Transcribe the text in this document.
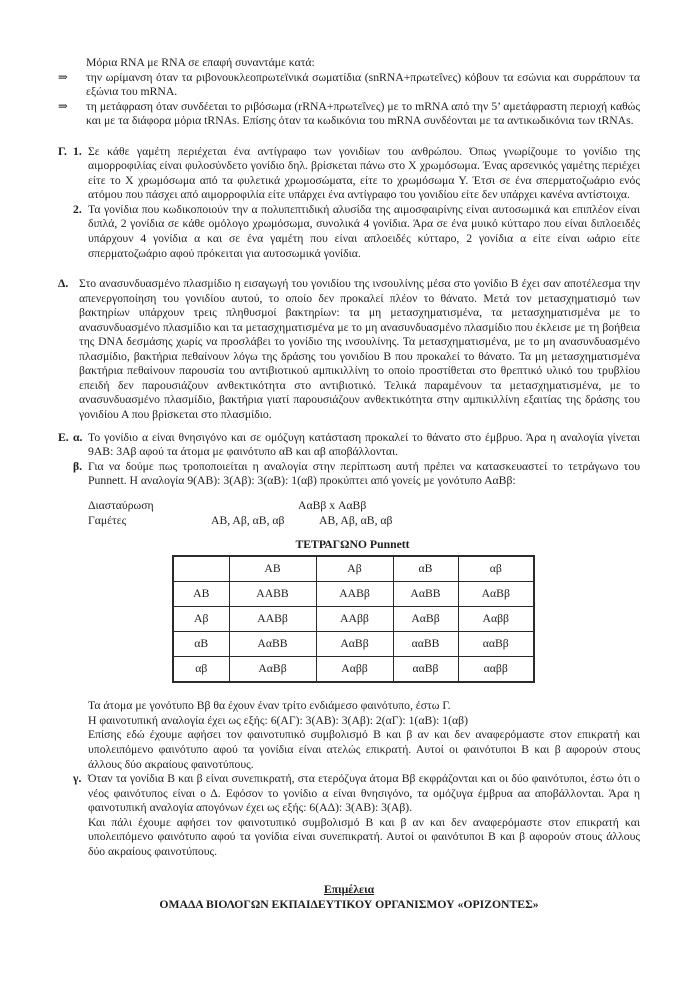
Μόρια RNA με RNA σε επαφή συναντάμε κατά:

⇒	την ωρίμανση όταν τα ριβονουκλεοπρωτεϊνικά σωματίδια (snRNA+πρωτεΐνες) κόβουν τα εσώνια και συρράπουν τα εξώνια του mRNA.
⇒	τη μετάφραση όταν συνδέεται το ριβόσωμα (rRNA+πρωτεΐνες) με το mRNA από την 5’ αμετάφραστη περιοχή καθώς και με τα διάφορα μόρια tRNAs. Επίσης όταν τα κωδικόνια του mRNA συνδέονται με τα αντικωδικόνια των tRNAs.
Γ. 1. Σε κάθε γαμέτη περιέχεται ένα αντίγραφο των γονιδίων του ανθρώπου. Όπως γνωρίζουμε το γονίδιο της αιμορροφιλίας είναι φυλοσύνδετο γονίδιο δηλ. βρίσκεται πάνω στο Χ χρωμόσωμα. Ένας αρσενικός γαμέτης περιέχει είτε το Χ χρωμόσωμα από τα φυλετικά χρωμοσώματα, είτε το χρωμόσωμα Υ. Έτσι σε ένα σπερματοζωάριο ενός ατόμου που πάσχει από αιμορροφιλία είτε υπάρχει ένα αντίγραφο του γονιδίου είτε δεν υπάρχει κανένα αντίστοιχα.
2. Τα γονίδια που κωδικοποιούν την α πολυπεπτιδική αλυσίδα της αιμοσφαιρίνης είναι αυτοσωμικά και επιπλέον είναι διπλά, 2 γονίδια σε κάθε ομόλογο χρωμόσωμα, συνολικά 4 γονίδια. Άρα σε ένα μυικό κύτταρο που είναι διπλοειδές υπάρχουν 4 γονίδια α και σε ένα γαμέτη που είναι απλοειδές κύτταρο, 2 γονίδια α είτε είναι ωάριο είτε σπερματοζωάριο αφού πρόκειται για αυτοσωμικά γονίδια.
Δ. Στο ανασυνδυασμένο πλασμίδιο η εισαγωγή του γονιδίου της ινσουλίνης μέσα στο γονίδιο Β έχει σαν αποτέλεσμα την απενεργοποίηση του γονιδίου αυτού, το οποίο δεν προκαλεί πλέον το θάνατο. Μετά τον μετασχηματισμό των βακτηρίων υπάρχουν τρεις πληθυσμοί βακτηρίων: τα μη μετασχηματισμένα, τα μετασχηματισμένα με το ανασυνδυασμένο πλασμίδιο και τα μετασχηματισμένα με το μη ανασυνδυασμένο πλασμίδιο που έκλεισε με τη βοήθεια της DNA δεσμάσης χωρίς να προσλάβει το γονίδιο της ινσουλίνης. Τα μετασχηματισμένα, με το μη ανασυνδυασμένο πλασμίδιο, βακτήρια πεθαίνουν λόγω της δράσης του γονιδίου Β που προκαλεί το θάνατο. Τα μη μετασχηματισμένα βακτήρια πεθαίνουν παρουσία του αντιβιοτικού αμπικιλλίνη το οποίο προστίθεται στο θρεπτικό υλικό του τρυβλίου επειδή δεν παρουσιάζουν ανθεκτικότητα στο αντιβιοτικό. Τελικά παραμένουν τα μετασχηματισμένα, με το ανασυνδυασμένο πλασμίδιο, βακτήρια γιατί παρουσιάζουν ανθεκτικότητα στην αμπικιλλίνη εξαιτίας της δράσης του γονιδίου Α που βρίσκεται στο πλασμίδιο.
Ε. α. Το γονίδιο α είναι θνησιγόνο και σε ομόζυγη κατάσταση προκαλεί το θάνατο στο έμβρυο. Άρα η αναλογία γίνεται 9ΑΒ: 3Αβ αφού τα άτομα με φαινότυπο αΒ και αβ αποβάλλονται.
β. Για να δούμε πως τροποποιείται η αναλογία στην περίπτωση αυτή πρέπει να κατασκευαστεί το τετράγωνο του Punnett. Η αναλογία 9(ΑΒ): 3(Αβ): 3(αΒ): 1(αβ) προκύπτει από γονείς με γονότυπο ΑαΒβ:
Διασταύρωση	ΑαΒβ x ΑαΒβ
Γαμέτες	ΑΒ, Αβ, αΒ, αβ	ΑΒ, Αβ, αΒ, αβ

ΤΕΤΡΑΓΩΝΟ Punnett

	ΑΒ	Αβ	αΒ	αβ
ΑΒ	ΑΑΒΒ	ΑΑΒβ	ΑαΒΒ	ΑαΒβ
Αβ	ΑΑΒβ	ΑΑββ	ΑαΒβ	Ααββ
αΒ	ΑαΒΒ	ΑαΒβ	ααΒΒ	ααΒβ
αβ	ΑαΒβ	Ααββ	ααΒβ	ααββ

Τα άτομα με γονότυπο Ββ θα έχουν έναν τρίτο ενδιάμεσο φαινότυπο, έστω Γ.

Η φαινοτυπική αναλογία έχει ως εξής: 6(ΑΓ): 3(ΑΒ): 3(Αβ): 2(αΓ): 1(αΒ): 1(αβ)

Επίσης εδώ έχουμε αφήσει τον φαινοτυπικό συμβολισμό Β και β αν και δεν αναφερόμαστε στον επικρατή και υπολειπόμενο φαινότυπο αφού τα γονίδια είναι ατελώς επικρατή. Αυτοί οι φαινότυποι Β και β αφορούν στους άλλους δύο ακραίους φαινοτύπους.

γ. Όταν τα γονίδια Β και β είναι συνεπικρατή, στα ετερόζυγα άτομα Ββ εκφράζονται και οι δύο φαινότυποι, έστω ότι ο νέος φαινότυπος είναι ο Δ. Εφόσον το γονίδιο α είναι θνησιγόνο, τα ομόζυγα έμβρυα αα αποβάλλονται. Άρα η φαινοτυπική αναλογία απογόνων έχει ως εξής: 6(ΑΔ): 3(ΑΒ): 3(Αβ).

Και πάλι έχουμε αφήσει τον φαινοτυπικό συμβολισμό Β και β αν και δεν αναφερόμαστε στον επικρατή και υπολειπόμενο φαινότυπο αφού τα γονίδια είναι συνεπικρατή. Αυτοί οι φαινότυποι Β και β αφορούν στους άλλους δύο ακραίους φαινοτύπους.

Επιμέλεια

ΟΜΑΔΑ ΒΙΟΛΟΓΩΝ ΕΚΠΑΙΔΕΥΤΙΚΟΥ ΟΡΓΑΝΙΣΜΟΥ «ΟΡΙΖΟΝΤΕΣ»
